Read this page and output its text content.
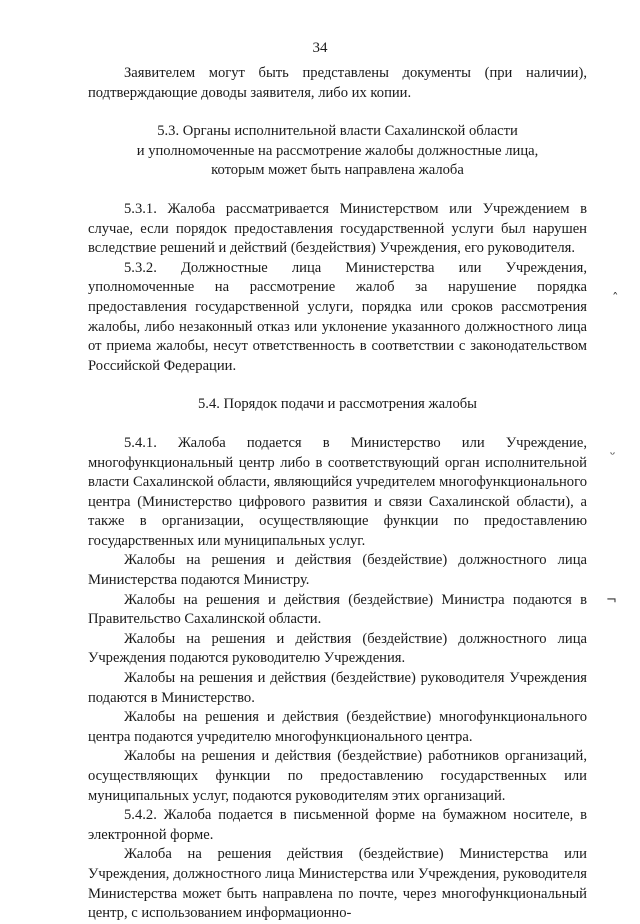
34

Заявителем могут быть представлены документы (при наличии), подтверждающие доводы заявителя, либо их копии.

5.3. Органы исполнительной власти Сахалинской области
и уполномоченные на рассмотрение жалобы должностные лица,
которым может быть направлена жалоба

5.3.1. Жалоба рассматривается Министерством или Учреждением в случае, если порядок предоставления государственной услуги был нарушен вследствие решений и действий (бездействия) Учреждения, его руководителя.

5.3.2. Должностные лица Министерства или Учреждения, уполномоченные на рассмотрение жалоб за нарушение порядка предоставления государственной услуги, порядка или сроков рассмотрения жалобы, либо незаконный отказ или уклонение указанного должностного лица от приема жалобы, несут ответственность в соответствии с законодательством Российской Федерации.

5.4. Порядок подачи и рассмотрения жалобы

5.4.1. Жалоба подается в Министерство или Учреждение, многофункциональный центр либо в соответствующий орган исполнительной власти Сахалинской области, являющийся учредителем многофункционального центра (Министерство цифрового развития и связи Сахалинской области), а также в организации, осуществляющие функции по предоставлению государственных или муниципальных услуг.

Жалобы на решения и действия (бездействие) должностного лица Министерства подаются Министру.

Жалобы на решения и действия (бездействие) Министра подаются в Правительство Сахалинской области.

Жалобы на решения и действия (бездействие) должностного лица Учреждения подаются руководителю Учреждения.

Жалобы на решения и действия (бездействие) руководителя Учреждения подаются в Министерство.

Жалобы на решения и действия (бездействие) многофункционального центра подаются учредителю многофункционального центра.

Жалобы на решения и действия (бездействие) работников организаций, осуществляющих функции по предоставлению государственных или муниципальных услуг, подаются руководителям этих организаций.

5.4.2. Жалоба подается в письменной форме на бумажном носителе, в электронной форме.

Жалоба на решения действия (бездействие) Министерства или Учреждения, должностного лица Министерства или Учреждения, руководителя Министерства может быть направлена по почте, через многофункциональный центр, с использованием информационно-

ˆ
ᵕ
¬
